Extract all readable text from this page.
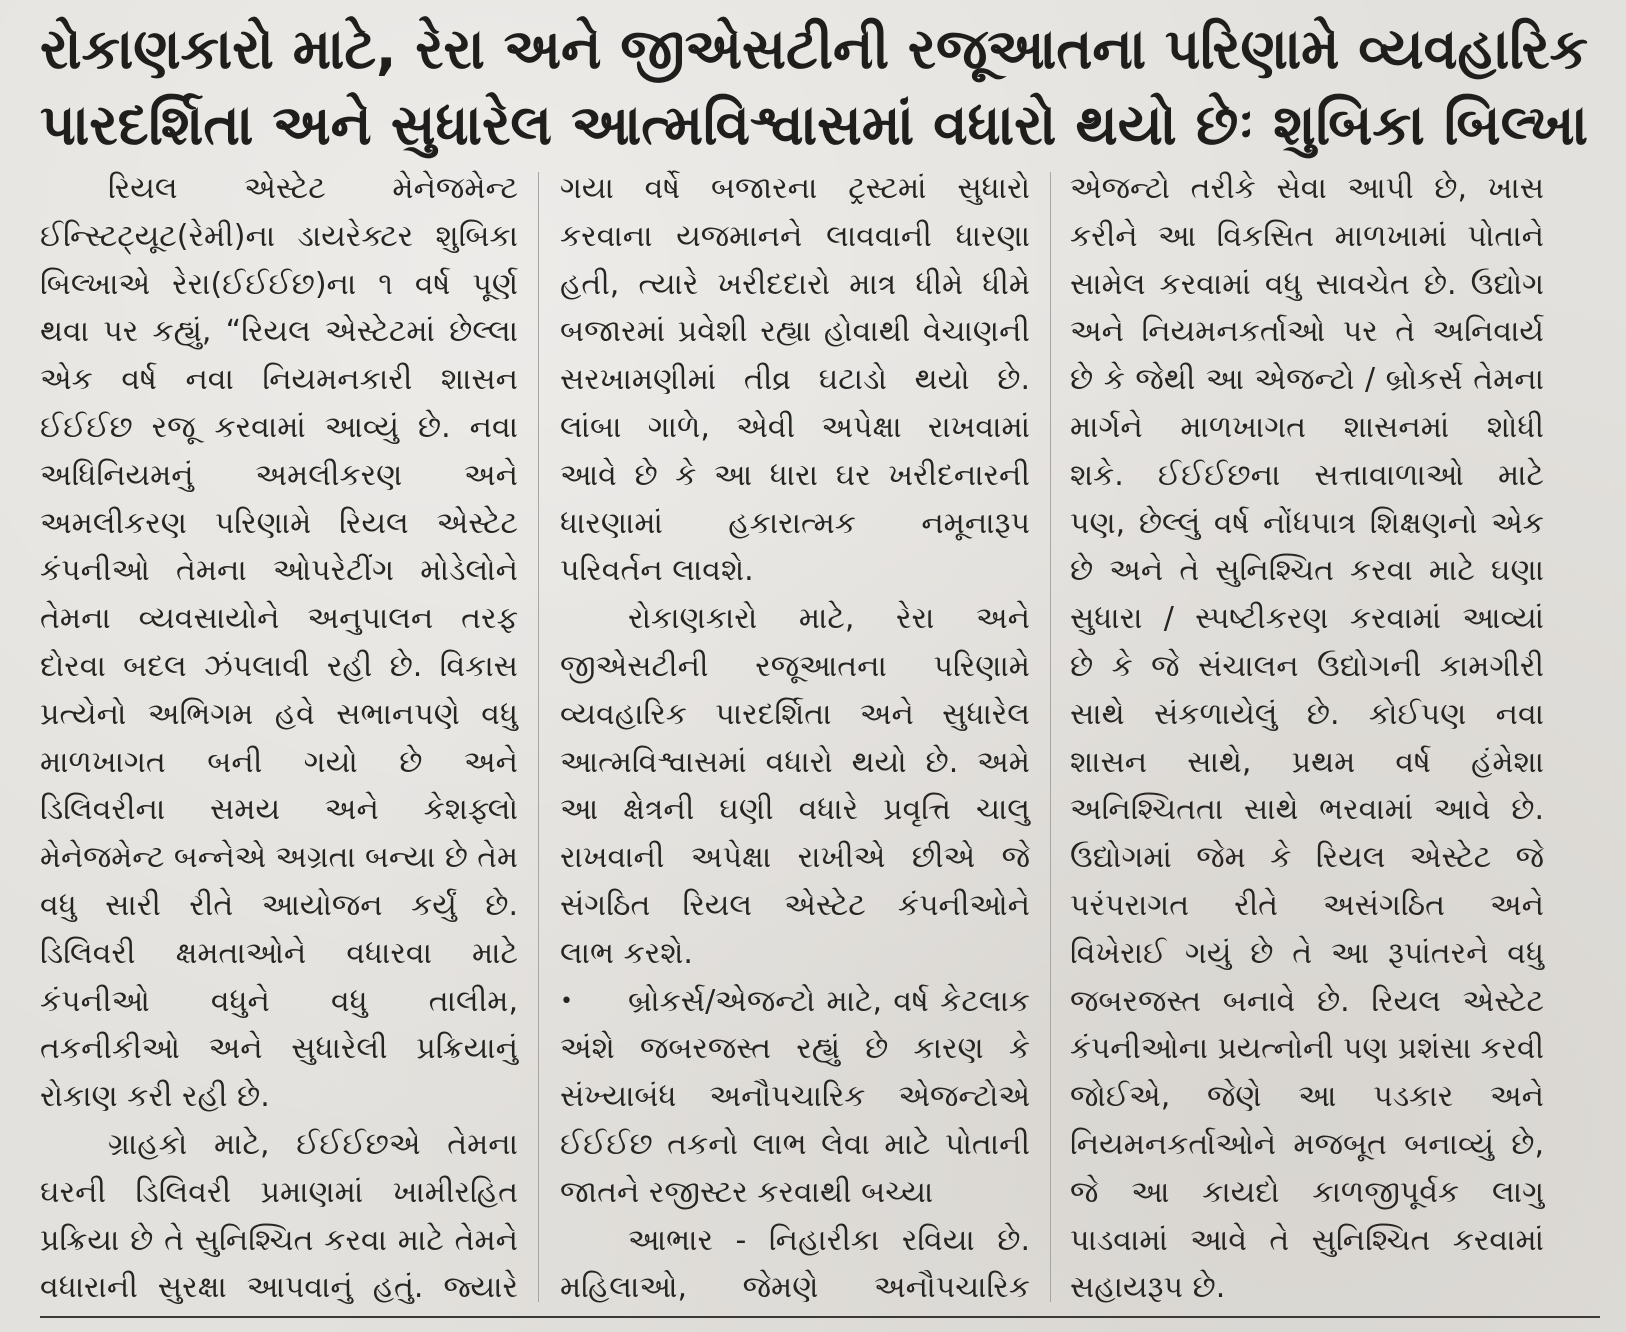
રોકાણકારો માટે, રેરા અને જીએસટીની રજૂઆતના પરિણામે વ્યવહારિક
પારદર્શિતા અને સુધારેલ આત્મવિશ્વાસમાં વધારો થયો છેઃ શુબિકા બિલ્ખા
રિયલ એસ્ટેટ મેનેજમેન્ટ
ઈન્સ્ટિટ્યૂટ(રેમી)ના ડાયરેક્ટર શુબિકા
બિલ્ખાએ રેરા(ઈઈઈછ)ના ૧ વર્ષ પૂર્ણ
થવા પર કહ્યું, “રિયલ એસ્ટેટમાં છેલ્લા
એક વર્ષ નવા નિયમનકારી શાસન
ઈઈઈછ રજૂ કરવામાં આવ્યું છે. નવા
અધિનિયમનું અમલીકરણ અને
અમલીકરણ પરિણામે રિયલ એસ્ટેટ
કંપનીઓ તેમના ઓપરેટીંગ મોડેલોને
તેમના વ્યવસાયોને અનુપાલન તરફ
દોરવા બદલ ઝંપલાવી રહી છે. વિકાસ
પ્રત્યેનો અભિગમ હવે સભાનપણે વધુ
માળખાગત બની ગયો છે અને
ડિલિવરીના સમય અને કેશફ્લો
મેનેજમેન્ટ બન્નેએ અગ્રતા બન્યા છે તેમ
વધુ સારી રીતે આયોજન કર્યું છે.
ડિલિવરી ક્ષમતાઓને વધારવા માટે
કંપનીઓ વધુને વધુ તાલીમ,
તકનીકીઓ અને સુધારેલી પ્રક્રિયાનું
રોકાણ કરી રહી છે.
ગ્રાહકો માટે, ઈઈઈછએ તેમના
ઘરની ડિલિવરી પ્રમાણમાં ખામીરહિત
પ્રક્રિયા છે તે સુનિશ્ચિત કરવા માટે તેમને
વધારાની સુરક્ષા આપવાનું હતું. જ્યારે
ગયા વર્ષે બજારના ટ્રસ્ટમાં સુધારો
કરવાના યજમાનને લાવવાની ધારણા
હતી, ત્યારે ખરીદદારો માત્ર ધીમે ધીમે
બજારમાં પ્રવેશી રહ્યા હોવાથી વેચાણની
સરખામણીમાં તીવ્ર ઘટાડો થયો છે.
લાંબા ગાળે, એવી અપેક્ષા રાખવામાં
આવે છે કે આ ધારા ઘર ખરીદનારની
ધારણામાં હકારાત્મક નમૂનારૂપ
પરિવર્તન લાવશે.
રોકાણકારો માટે, રેરા અને
જીએસટીની રજૂઆતના પરિણામે
વ્યવહારિક પારદર્શિતા અને સુધારેલ
આત્મવિશ્વાસમાં વધારો થયો છે. અમે
આ ક્ષેત્રની ઘણી વધારે પ્રવૃત્તિ ચાલુ
રાખવાની અપેક્ષા રાખીએ છીએ જે
સંગઠિત રિયલ એસ્ટેટ કંપનીઓને
લાભ કરશે.
• બ્રોકર્સ/એજન્ટો માટે, વર્ષ કેટલાક
અંશે જબરજસ્ત રહ્યું છે કારણ કે
સંખ્યાબંધ અનૌપચારિક એજન્ટોએ
ઈઈઈછ તકનો લાભ લેવા માટે પોતાની
જાતને રજીસ્ટર કરવાથી બચ્યા
આભાર - નિહારીકા રવિયા છે.
મહિલાઓ, જેમણે અનૌપચારિક
એજન્ટો તરીકે સેવા આપી છે, ખાસ
કરીને આ વિકસિત માળખામાં પોતાને
સામેલ કરવામાં વધુ સાવચેત છે. ઉદ્યોગ
અને નિયમનકર્તાઓ પર તે અનિવાર્ય
છે કે જેથી આ એજન્ટો / બ્રોકર્સ તેમના
માર્ગને માળખાગત શાસનમાં શોધી
શકે. ઈઈઈછના સત્તાવાળાઓ માટે
પણ, છેલ્લું વર્ષ નોંધપાત્ર શિક્ષણનો એક
છે અને તે સુનિશ્ચિત કરવા માટે ઘણા
સુધારા / સ્પષ્ટીકરણ કરવામાં આવ્યાં
છે કે જે સંચાલન ઉદ્યોગની કામગીરી
સાથે સંકળાયેલું છે. કોઈપણ નવા
શાસન સાથે, પ્રથમ વર્ષ હંમેશા
અનિશ્ચિતતા સાથે ભરવામાં આવે છે.
ઉદ્યોગમાં જેમ કે રિયલ એસ્ટેટ જે
પરંપરાગત રીતે અસંગઠિત અને
વિખેરાઈ ગયું છે તે આ રૂપાંતરને વધુ
જબરજસ્ત બનાવે છે. રિયલ એસ્ટેટ
કંપનીઓના પ્રયત્નોની પણ પ્રશંસા કરવી
જોઈએ, જેણે આ પડકાર અને
નિયમનકર્તાઓને મજબૂત બનાવ્યું છે,
જે આ કાયદો કાળજીપૂર્વક લાગુ
પાડવામાં આવે તે સુનિશ્ચિત કરવામાં
સહાયરૂપ છે.
